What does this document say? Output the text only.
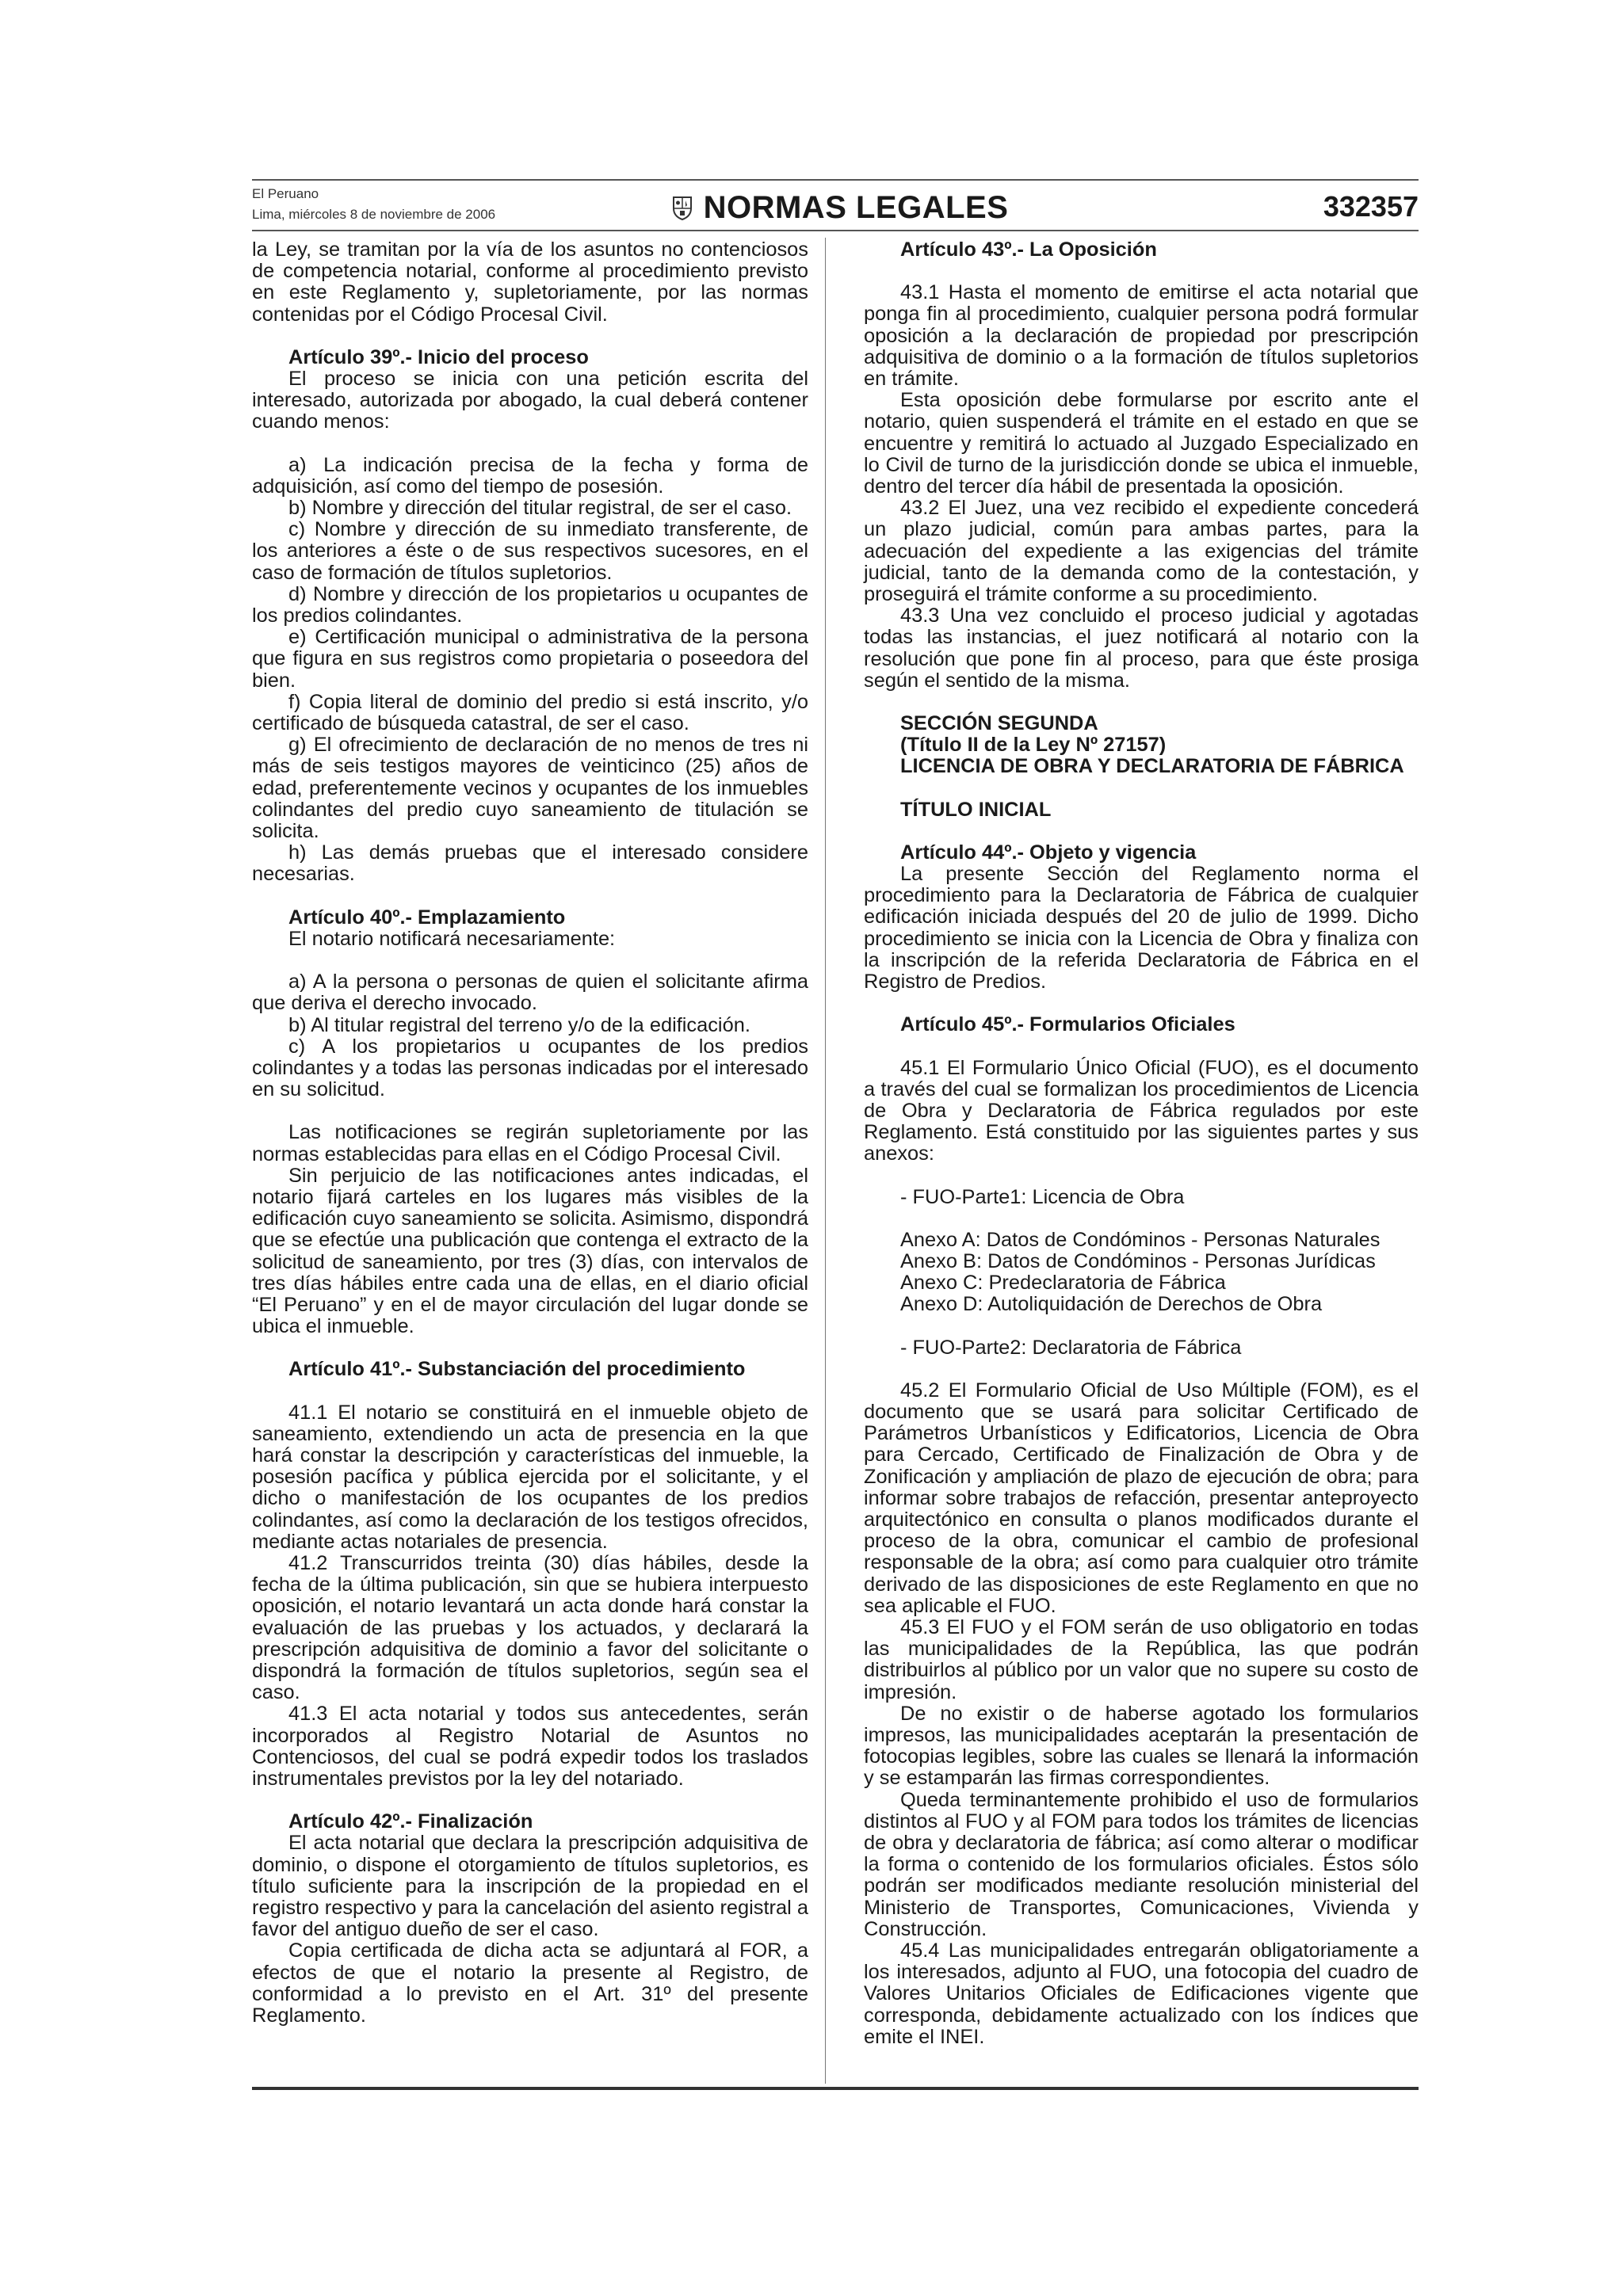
El Peruano
Lima, miércoles 8 de noviembre de 2006	NORMAS LEGALES	332357

la Ley, se tramitan por la vía de los asuntos no contenciosos de competencia notarial, conforme al procedimiento previsto en este Reglamento y, supletoriamente, por las normas contenidas por el Código Procesal Civil.

Artículo 39º.- Inicio del proceso

El proceso se inicia con una petición escrita del interesado, autorizada por abogado, la cual deberá contener cuando menos:

a) La indicación precisa de la fecha y forma de adquisición, así como del tiempo de posesión.

b) Nombre y dirección del titular registral, de ser el caso.

c) Nombre y dirección de su inmediato transferente, de los anteriores a éste o de sus respectivos sucesores, en el caso de formación de títulos supletorios.

d) Nombre y dirección de los propietarios u ocupantes de los predios colindantes.

e) Certificación municipal o administrativa de la persona que figura en sus registros como propietaria o poseedora del bien.

f) Copia literal de dominio del predio si está inscrito, y/o certificado de búsqueda catastral, de ser el caso.

g) El ofrecimiento de declaración de no menos de tres ni más de seis testigos mayores de veinticinco (25) años de edad, preferentemente vecinos y ocupantes de los inmuebles colindantes del predio cuyo saneamiento de titulación se solicita.

h) Las demás pruebas que el interesado considere necesarias.

Artículo 40º.- Emplazamiento

El notario notificará necesariamente:

a) A la persona o personas de quien el solicitante afirma que deriva el derecho invocado.

b) Al titular registral del terreno y/o de la edificación.

c) A los propietarios u ocupantes de los predios colindantes y a todas las personas indicadas por el interesado en su solicitud.

Las notificaciones se regirán supletoriamente por las normas establecidas para ellas en el Código Procesal Civil.

Sin perjuicio de las notificaciones antes indicadas, el notario fijará carteles en los lugares más visibles de la edificación cuyo saneamiento se solicita. Asimismo, dispondrá que se efectúe una publicación que contenga el extracto de la solicitud de saneamiento, por tres (3) días, con intervalos de tres días hábiles entre cada una de ellas, en el diario oficial “El Peruano” y en el de mayor circulación del lugar donde se ubica el inmueble.

Artículo 41º.- Substanciación del procedimiento

41.1 El notario se constituirá en el inmueble objeto de saneamiento, extendiendo un acta de presencia en la que hará constar la descripción y características del inmueble, la posesión pacífica y pública ejercida por el solicitante, y el dicho o manifestación de los ocupantes de los predios colindantes, así como la declaración de los testigos ofrecidos, mediante actas notariales de presencia.

41.2 Transcurridos treinta (30) días hábiles, desde la fecha de la última publicación, sin que se hubiera interpuesto oposición, el notario levantará un acta donde hará constar la evaluación de las pruebas y los actuados, y declarará la prescripción adquisitiva de dominio a favor del solicitante o dispondrá la formación de títulos supletorios, según sea el caso.

41.3 El acta notarial y todos sus antecedentes, serán incorporados al Registro Notarial de Asuntos no Contenciosos, del cual se podrá expedir todos los traslados instrumentales previstos por la ley del notariado.

Artículo 42º.- Finalización

El acta notarial que declara la prescripción adquisitiva de dominio, o dispone el otorgamiento de títulos supletorios, es título suficiente para la inscripción de la propiedad en el registro respectivo y para la cancelación del asiento registral a favor del antiguo dueño de ser el caso.

Copia certificada de dicha acta se adjuntará al FOR, a efectos de que el notario la presente al Registro, de conformidad a lo previsto en el Art. 31º del presente Reglamento.

Artículo 43º.- La Oposición

43.1 Hasta el momento de emitirse el acta notarial que ponga fin al procedimiento, cualquier persona podrá formular oposición a la declaración de propiedad por prescripción adquisitiva de dominio o a la formación de títulos supletorios en trámite.

Esta oposición debe formularse por escrito ante el notario, quien suspenderá el trámite en el estado en que se encuentre y remitirá lo actuado al Juzgado Especializado en lo Civil de turno de la jurisdicción donde se ubica el inmueble, dentro del tercer día hábil de presentada la oposición.

43.2 El Juez, una vez recibido el expediente concederá un plazo judicial, común para ambas partes, para la adecuación del expediente a las exigencias del trámite judicial, tanto de la demanda como de la contestación, y proseguirá el trámite conforme a su procedimiento.

43.3 Una vez concluido el proceso judicial y agotadas todas las instancias, el juez notificará al notario con la resolución que pone fin al proceso, para que éste prosiga según el sentido de la misma.

SECCIÓN SEGUNDA

(Título II de la Ley Nº 27157)

LICENCIA DE OBRA Y DECLARATORIA DE FÁBRICA

TÍTULO INICIAL

Artículo 44º.- Objeto y vigencia

La presente Sección del Reglamento norma el procedimiento para la Declaratoria de Fábrica de cualquier edificación iniciada después del 20 de julio de 1999. Dicho procedimiento se inicia con la Licencia de Obra y finaliza con la inscripción de la referida Declaratoria de Fábrica en el Registro de Predios.

Artículo 45º.- Formularios Oficiales

45.1 El Formulario Único Oficial (FUO), es el documento a través del cual se formalizan los procedimientos de Licencia de Obra y Declaratoria de Fábrica regulados por este Reglamento. Está constituido por las siguientes partes y sus anexos:

- FUO-Parte1: Licencia de Obra

Anexo A: Datos de Condóminos - Personas Naturales

Anexo B: Datos de Condóminos - Personas Jurídicas

Anexo C: Predeclaratoria de Fábrica

Anexo D: Autoliquidación de Derechos de Obra

- FUO-Parte2: Declaratoria de Fábrica

45.2 El Formulario Oficial de Uso Múltiple (FOM), es el documento que se usará para solicitar Certificado de Parámetros Urbanísticos y Edificatorios, Licencia de Obra para Cercado, Certificado de Finalización de Obra y de Zonificación y ampliación de plazo de ejecución de obra; para informar sobre trabajos de refacción, presentar anteproyecto arquitectónico en consulta o planos modificados durante el proceso de la obra, comunicar el cambio de profesional responsable de la obra; así como para cualquier otro trámite derivado de las disposiciones de este Reglamento en que no sea aplicable el FUO.

45.3 El FUO y el FOM serán de uso obligatorio en todas las municipalidades de la República, las que podrán distribuirlos al público por un valor que no supere su costo de impresión.

De no existir o de haberse agotado los formularios impresos, las municipalidades aceptarán la presentación de fotocopias legibles, sobre las cuales se llenará la información y se estamparán las firmas correspondientes.

Queda terminantemente prohibido el uso de formularios distintos al FUO y al FOM para todos los trámites de licencias de obra y declaratoria de fábrica; así como alterar o modificar la forma o contenido de los formularios oficiales. Éstos sólo podrán ser modificados mediante resolución ministerial del Ministerio de Transportes, Comunicaciones, Vivienda y Construcción.

45.4 Las municipalidades entregarán obligatoriamente a los interesados, adjunto al FUO, una fotocopia del cuadro de Valores Unitarios Oficiales de Edificaciones vigente que corresponda, debidamente actualizado con los índices que emite el INEI.
